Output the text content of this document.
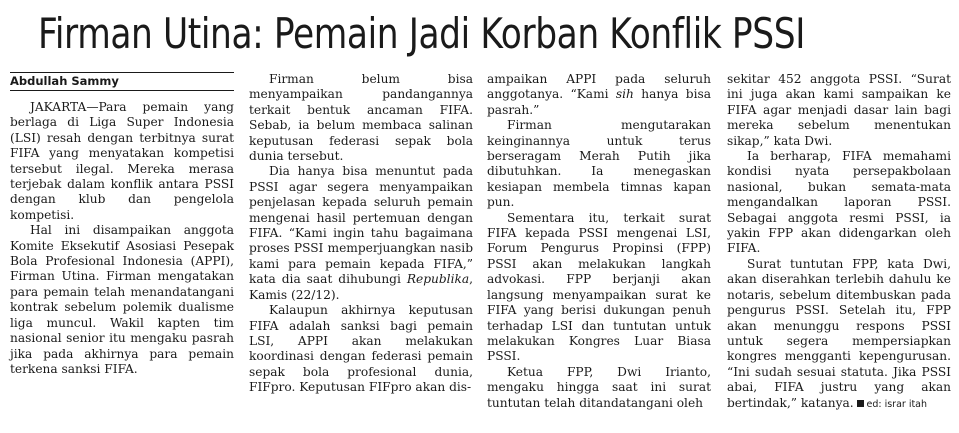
Firman Utina: Pemain Jadi Korban Konflik PSSI
Abdullah Sammy

JAKARTA—Para pemain yang berlaga di Liga Super Indonesia (LSI) resah dengan terbitnya surat FIFA yang menyatakan kompetisi tersebut ilegal. Mereka merasa terjebak dalam konflik antara PSSI dengan klub dan pengelola kompetisi.

Hal ini disampaikan anggota Komite Eksekutif Asosiasi Pesepak Bola Profesional Indonesia (APPI), Firman Utina. Firman mengatakan para pemain telah menandatangani kontrak sebelum polemik dualisme liga muncul. Wakil kapten tim nasional senior itu mengaku pasrah jika pada akhirnya para pemain terkena sanksi FIFA.

Firman belum bisa menyampaikan pandangannya terkait bentuk ancaman FIFA. Sebab, ia belum membaca salinan keputusan federasi sepak bola dunia tersebut.

Dia hanya bisa menuntut pada PSSI agar segera menyampaikan penjelasan kepada seluruh pemain mengenai hasil pertemuan dengan FIFA. “Kami ingin tahu bagaimana proses PSSI memperjuangkan nasib kami para pemain kepada FIFA,” kata dia saat dihubungi Republika, Kamis (22/12).

Kalaupun akhirnya keputusan FIFA adalah sanksi bagi pemain LSI, APPI akan melakukan koordinasi dengan federasi pemain sepak bola profesional dunia, FIFpro. Keputusan FIFpro akan dis-

ampaikan APPI pada seluruh anggotanya. “Kami sih hanya bisa pasrah.”

Firman mengutarakan keinginannya untuk terus berseragam Merah Putih jika dibutuhkan. Ia menegaskan kesiapan membela timnas kapan pun.

Sementara itu, terkait surat FIFA kepada PSSI mengenai LSI, Forum Pengurus Propinsi (FPP) PSSI akan melakukan langkah advokasi. FPP berjanji akan langsung menyampaikan surat ke FIFA yang berisi dukungan penuh terhadap LSI dan tuntutan untuk melakukan Kongres Luar Biasa PSSI.

Ketua FPP, Dwi Irianto, mengaku hingga saat ini surat tuntutan telah ditandatangani oleh

sekitar 452 anggota PSSI. “Surat ini juga akan kami sampaikan ke FIFA agar menjadi dasar lain bagi mereka sebelum menentukan sikap,” kata Dwi.

Ia berharap, FIFA memahami kondisi nyata persepakbolaan nasional, bukan semata-mata mengandalkan laporan PSSI. Sebagai anggota resmi PSSI, ia yakin FPP akan didengarkan oleh FIFA.

Surat tuntutan FPP, kata Dwi, akan diserahkan terlebih dahulu ke notaris, sebelum ditembuskan pada pengurus PSSI. Setelah itu, FPP akan menunggu respons PSSI untuk segera mempersiapkan kongres mengganti kepengurusan. “Ini sudah sesuai statuta. Jika PSSI abai, FIFA justru yang akan bertindak,” katanya. ed: israr itah
